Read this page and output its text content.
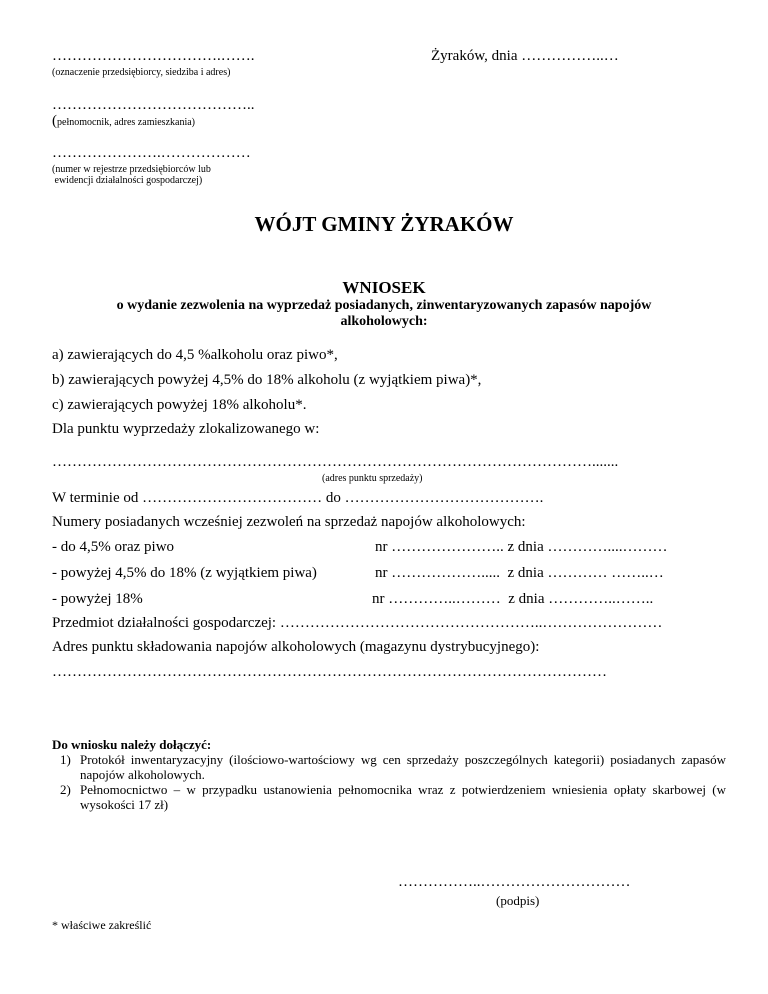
…………………………….…….
(oznaczenie przedsiębiorcy, siedziba i adres)
Żyraków, dnia ……………..…
…………………………………..
(pełnomocnik, adres zamieszkania)
………………….………………
(numer w rejestrze przedsiębiorców lub
ewidencji działalności gospodarczej)
WÓJT GMINY ŻYRAKÓW
WNIOSEK
o wydanie zezwolenia na wyprzedaż posiadanych, zinwentaryzowanych zapasów napojów
alkoholowych:
a) zawierających do 4,5 %alkoholu oraz piwo*,
b) zawierających powyżej 4,5% do 18% alkoholu (z wyjątkiem piwa)*,
c) zawierających powyżej 18% alkoholu*.
Dla punktu wyprzedaży zlokalizowanego w:
……………………………………………………………………………………………….......
(adres punktu sprzedaży)
W terminie od ……………………………… do ………………………………….
Numery posiadanych wcześniej zezwoleń na sprzedaż napojów alkoholowych:
- do 4,5% oraz piwo	nr ………………….. z dnia …………....………
- powyżej 4,5% do 18% (z wyjątkiem piwa)	nr ……………….....  z dnia ………… ……..…
- powyżej 18%	nr …………..………  z dnia …………..……..
Przedmiot działalności gospodarczej: ……………………………………………..……………………
Adres punktu składowania napojów alkoholowych (magazynu dystrybucyjnego):
…………………………………………………………………………………………………
Do wniosku należy dołączyć:
1) Protokół inwentaryzacyjny (ilościowo-wartościowy wg cen sprzedaży poszczególnych kategorii) posiadanych zapasów napojów alkoholowych.
2) Pełnomocnictwo – w przypadku ustanowienia pełnomocnika wraz z potwierdzeniem wniesienia opłaty skarbowej (w wysokości 17 zł)
……………..…………………………
(podpis)
* właściwe zakreślić
